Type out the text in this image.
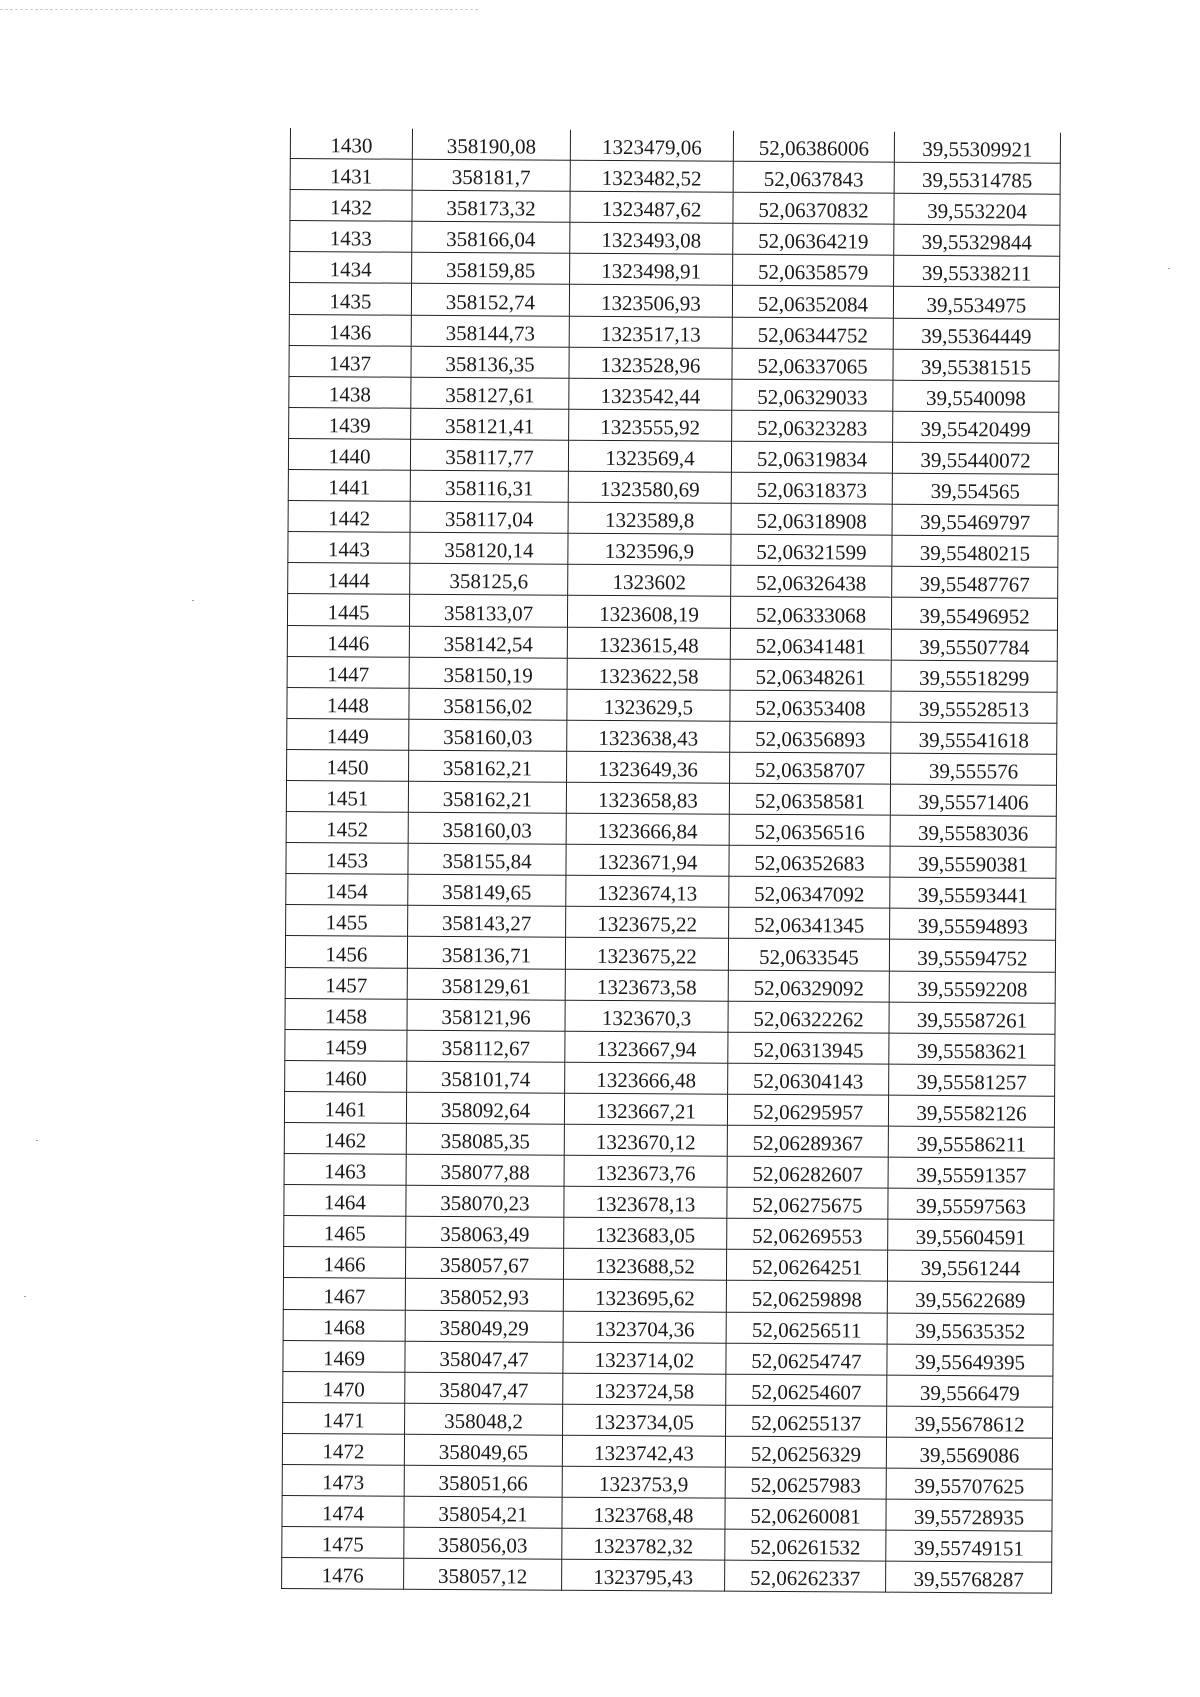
1430	358190,08	1323479,06	52,06386006	39,55309921
1431	358181,7	1323482,52	52,0637843	39,55314785
1432	358173,32	1323487,62	52,06370832	39,5532204
1433	358166,04	1323493,08	52,06364219	39,55329844
1434	358159,85	1323498,91	52,06358579	39,55338211
1435	358152,74	1323506,93	52,06352084	39,5534975
1436	358144,73	1323517,13	52,06344752	39,55364449
1437	358136,35	1323528,96	52,06337065	39,55381515
1438	358127,61	1323542,44	52,06329033	39,5540098
1439	358121,41	1323555,92	52,06323283	39,55420499
1440	358117,77	1323569,4	52,06319834	39,55440072
1441	358116,31	1323580,69	52,06318373	39,554565
1442	358117,04	1323589,8	52,06318908	39,55469797
1443	358120,14	1323596,9	52,06321599	39,55480215
1444	358125,6	1323602	52,06326438	39,55487767
1445	358133,07	1323608,19	52,06333068	39,55496952
1446	358142,54	1323615,48	52,06341481	39,55507784
1447	358150,19	1323622,58	52,06348261	39,55518299
1448	358156,02	1323629,5	52,06353408	39,55528513
1449	358160,03	1323638,43	52,06356893	39,55541618
1450	358162,21	1323649,36	52,06358707	39,555576
1451	358162,21	1323658,83	52,06358581	39,55571406
1452	358160,03	1323666,84	52,06356516	39,55583036
1453	358155,84	1323671,94	52,06352683	39,55590381
1454	358149,65	1323674,13	52,06347092	39,55593441
1455	358143,27	1323675,22	52,06341345	39,55594893
1456	358136,71	1323675,22	52,0633545	39,55594752
1457	358129,61	1323673,58	52,06329092	39,55592208
1458	358121,96	1323670,3	52,06322262	39,55587261
1459	358112,67	1323667,94	52,06313945	39,55583621
1460	358101,74	1323666,48	52,06304143	39,55581257
1461	358092,64	1323667,21	52,06295957	39,55582126
1462	358085,35	1323670,12	52,06289367	39,55586211
1463	358077,88	1323673,76	52,06282607	39,55591357
1464	358070,23	1323678,13	52,06275675	39,55597563
1465	358063,49	1323683,05	52,06269553	39,55604591
1466	358057,67	1323688,52	52,06264251	39,5561244
1467	358052,93	1323695,62	52,06259898	39,55622689
1468	358049,29	1323704,36	52,06256511	39,55635352
1469	358047,47	1323714,02	52,06254747	39,55649395
1470	358047,47	1323724,58	52,06254607	39,5566479
1471	358048,2	1323734,05	52,06255137	39,55678612
1472	358049,65	1323742,43	52,06256329	39,5569086
1473	358051,66	1323753,9	52,06257983	39,55707625
1474	358054,21	1323768,48	52,06260081	39,55728935
1475	358056,03	1323782,32	52,06261532	39,55749151
1476	358057,12	1323795,43	52,06262337	39,55768287
